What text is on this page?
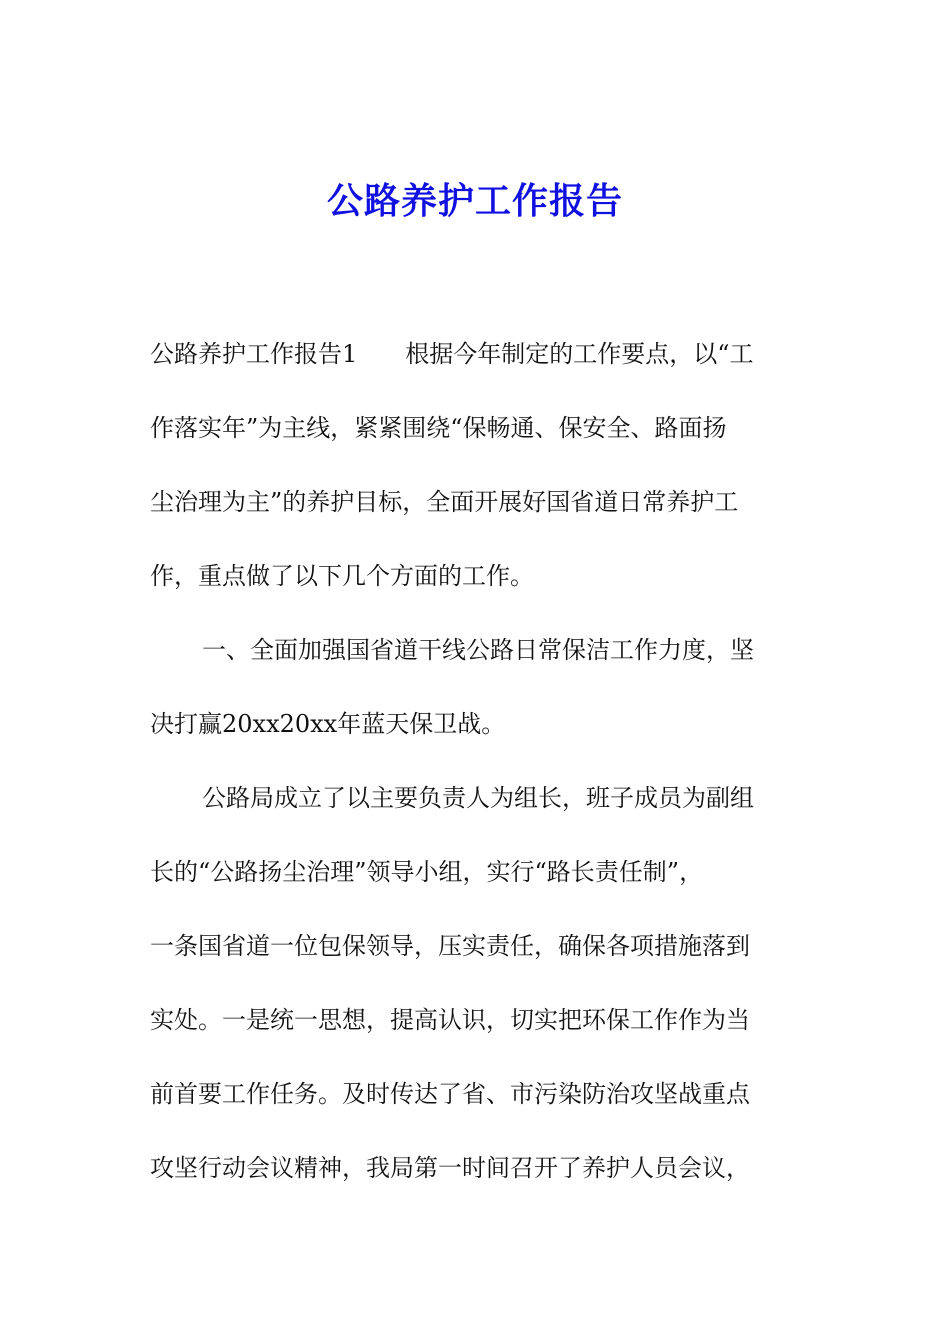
公路养护工作报告
公路养护工作报告1　　根据今年制定的工作要点，以“工
作落实年”为主线，紧紧围绕“保畅通、保安全、路面扬
尘治理为主”的养护目标，全面开展好国省道日常养护工
作，重点做了以下几个方面的工作。
一、全面加强国省道干线公路日常保洁工作力度，坚
决打赢20xx20xx年蓝天保卫战。
公路局成立了以主要负责人为组长，班子成员为副组
长的“公路扬尘治理”领导小组，实行“路长责任制”，
一条国省道一位包保领导，压实责任，确保各项措施落到
实处。一是统一思想，提高认识，切实把环保工作作为当
前首要工作任务。及时传达了省、市污染防治攻坚战重点
攻坚行动会议精神，我局第一时间召开了养护人员会议，
